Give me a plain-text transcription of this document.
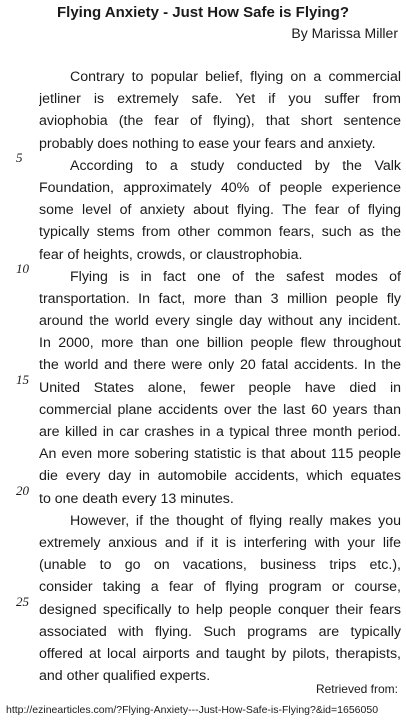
Flying Anxiety - Just How Safe is Flying?
By Marissa Miller
5
10
15
20
25
Contrary to popular belief, flying on a commercial
jetliner is extremely safe. Yet if you suffer from
aviophobia (the fear of flying), that short sentence
probably does nothing to ease your fears and anxiety.
According to a study conducted by the Valk
Foundation, approximately 40% of people experience
some level of anxiety about flying. The fear of flying
typically stems from other common fears, such as the
fear of heights, crowds, or claustrophobia.
Flying is in fact one of the safest modes of
transportation. In fact, more than 3 million people fly
around the world every single day without any incident.
In 2000, more than one billion people flew throughout
the world and there were only 20 fatal accidents. In the
United States alone, fewer people have died in
commercial plane accidents over the last 60 years than
are killed in car crashes in a typical three month period.
An even more sobering statistic is that about 115 people
die every day in automobile accidents, which equates
to one death every 13 minutes.
However, if the thought of flying really makes you
extremely anxious and if it is interfering with your life
(unable to go on vacations, business trips etc.),
consider taking a fear of flying program or course,
designed specifically to help people conquer their fears
associated with flying. Such programs are typically
offered at local airports and taught by pilots, therapists,
and other qualified experts.
Retrieved from:
http://ezinearticles.com/?Flying-Anxiety---Just-How-Safe-is-Flying?&id=1656050
